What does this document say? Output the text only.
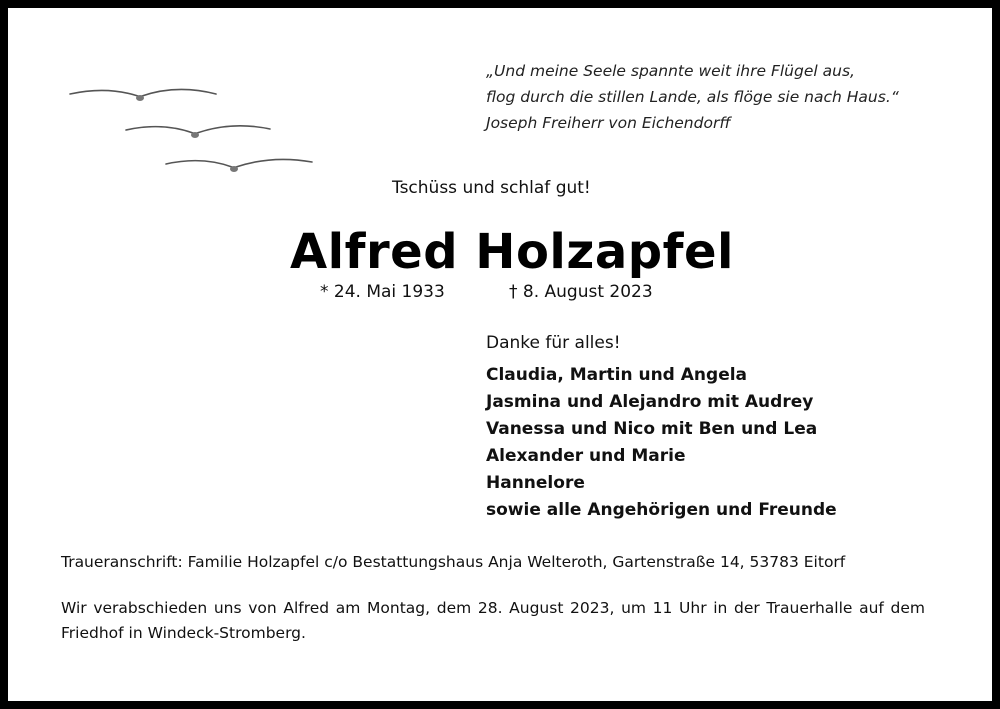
„Und meine Seele spannte weit ihre Flügel aus,
flog durch die stillen Lande, als flöge sie nach Haus.“
Joseph Freiherr von Eichendorff
Tschüss und schlaf gut!
Alfred Holzapfel
* 24. Mai 1933	† 8. August 2023
Danke für alles!
Claudia, Martin und Angela
Jasmina und Alejandro mit Audrey
Vanessa und Nico mit Ben und Lea
Alexander und Marie
Hannelore
sowie alle Angehörigen und Freunde
Traueranschrift: Familie Holzapfel c/o Bestattungshaus Anja Welteroth, Gartenstraße 14, 53783 Eitorf
Wir verabschieden uns von Alfred am Montag, dem 28. August 2023, um 11 Uhr in der Trauerhalle auf dem Friedhof in Windeck-Stromberg.
